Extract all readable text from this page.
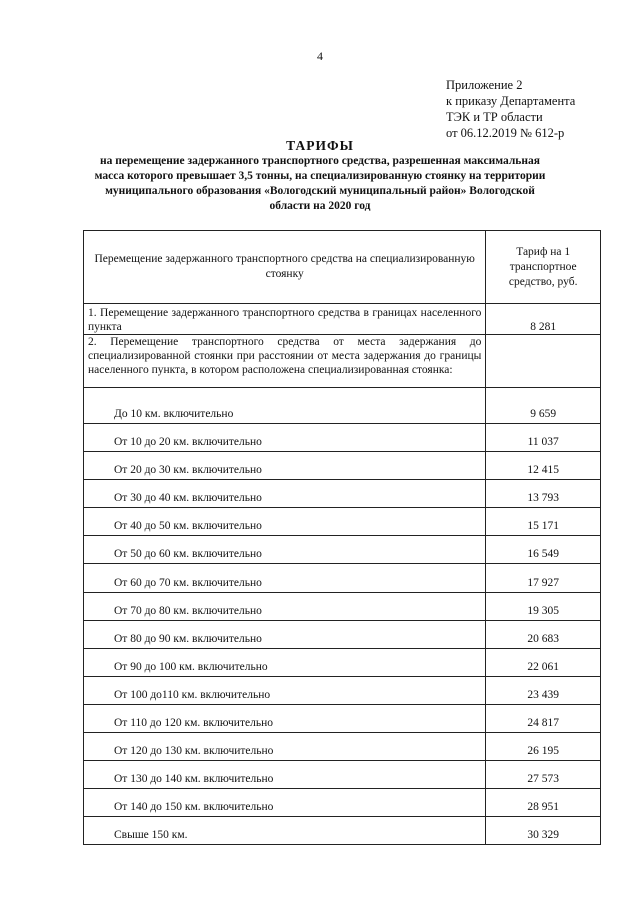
4
Приложение 2
к приказу Департамента
ТЭК и ТР области
от 06.12.2019 № 612-р
ТАРИФЫ
на перемещение задержанного транспортного средства, разрешенная максимальная масса которого превышает 3,5 тонны, на специализированную стоянку на территории муниципального образования «Вологодский муниципальный район» Вологодской области на 2020 год
Перемещение задержанного транспортного средства на специализированную стоянку	Тариф на 1 транспортное средство, руб.
1. Перемещение задержанного транспортного средства в границах населенного пункта	8 281
2. Перемещение транспортного средства от места задержания до специализированной стоянки при расстоянии от места задержания до границы населенного пункта, в котором расположена специализированная стоянка:	
До 10 км. включительно	9 659
От 10 до 20 км. включительно	11 037
От 20 до 30 км. включительно	12 415
От 30 до 40 км. включительно	13 793
От 40 до 50 км. включительно	15 171
От 50 до 60 км. включительно	16 549
От 60 до 70 км. включительно	17 927
От 70 до 80 км. включительно	19 305
От 80 до 90 км. включительно	20 683
От 90 до 100 км. включительно	22 061
От 100 до110 км. включительно	23 439
От 110 до 120 км. включительно	24 817
От 120 до 130 км. включительно	26 195
От 130 до 140 км. включительно	27 573
От 140 до 150 км. включительно	28 951
Свыше 150 км.	30 329
